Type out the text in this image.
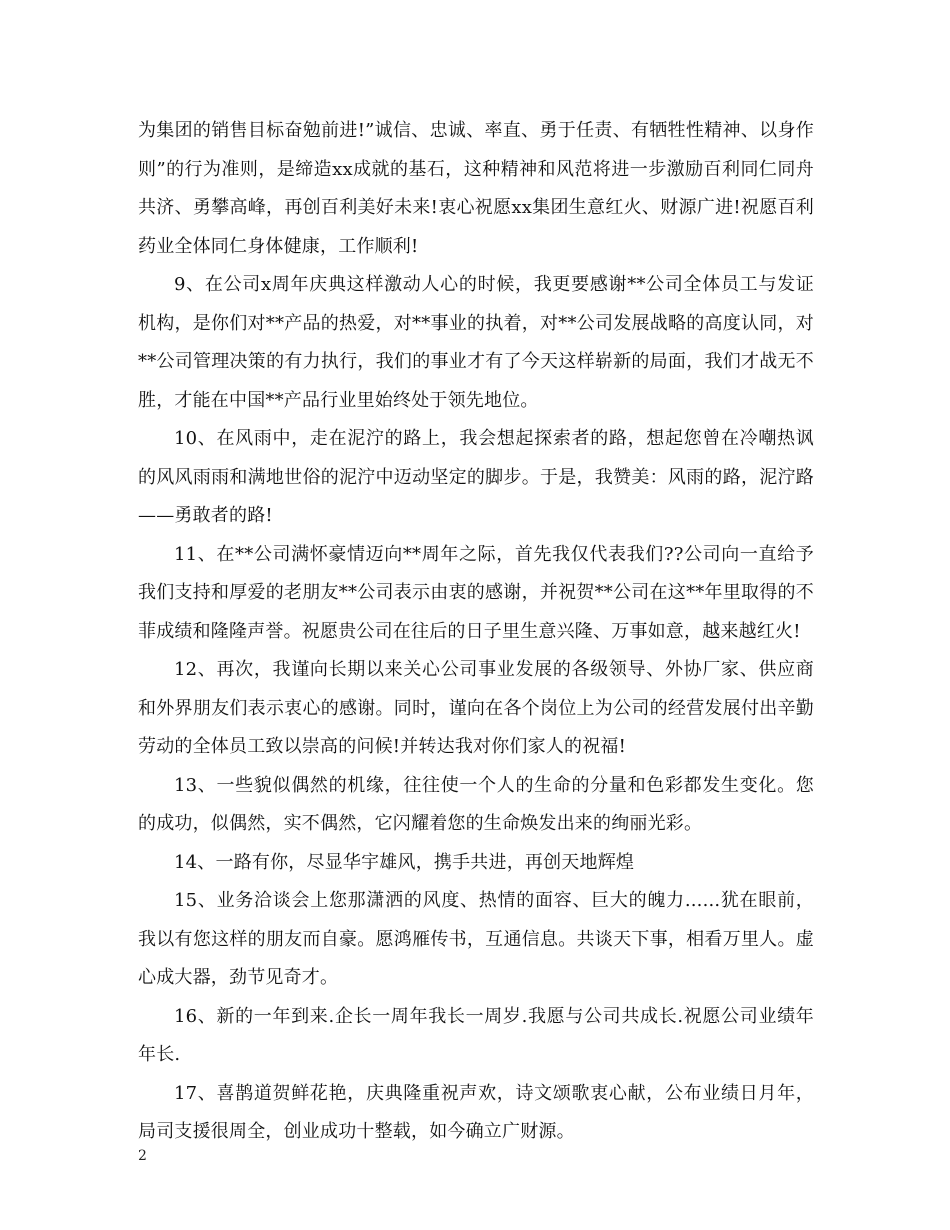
为集团的销售目标奋勉前进!”诚信、忠诚、率直、勇于任责、有牺牲性精神、以身作则”的行为准则，是缔造xx成就的基石，这种精神和风范将进一步激励百利同仁同舟共济、勇攀高峰，再创百利美好未来!衷心祝愿xx集团生意红火、财源广进!祝愿百利药业全体同仁身体健康，工作顺利!

9、在公司x周年庆典这样激动人心的时候，我更要感谢**公司全体员工与发证机构，是你们对**产品的热爱，对**事业的执着，对**公司发展战略的高度认同，对**公司管理决策的有力执行，我们的事业才有了今天这样崭新的局面，我们才战无不胜，才能在中国**产品行业里始终处于领先地位。

10、在风雨中，走在泥泞的路上，我会想起探索者的路，想起您曾在冷嘲热讽的风风雨雨和满地世俗的泥泞中迈动坚定的脚步。于是，我赞美：风雨的路，泥泞路——勇敢者的路!

11、在**公司满怀豪情迈向**周年之际，首先我仅代表我们??公司向一直给予我们支持和厚爱的老朋友**公司表示由衷的感谢，并祝贺**公司在这**年里取得的不菲成绩和隆隆声誉。祝愿贵公司在往后的日子里生意兴隆、万事如意，越来越红火!

12、再次，我谨向长期以来关心公司事业发展的各级领导、外协厂家、供应商和外界朋友们表示衷心的感谢。同时，谨向在各个岗位上为公司的经营发展付出辛勤劳动的全体员工致以崇高的问候!并转达我对你们家人的祝福!

13、一些貌似偶然的机缘，往往使一个人的生命的分量和色彩都发生变化。您的成功，似偶然，实不偶然，它闪耀着您的生命焕发出来的绚丽光彩。

14、一路有你，尽显华宇雄风，携手共进，再创天地辉煌

15、业务洽谈会上您那潇洒的风度、热情的面容、巨大的魄力......犹在眼前，我以有您这样的朋友而自豪。愿鸿雁传书，互通信息。共谈天下事，相看万里人。虚心成大器，劲节见奇才。

16、新的一年到来.企长一周年我长一周岁.我愿与公司共成长.祝愿公司业绩年年长.

17、喜鹊道贺鲜花艳，庆典隆重祝声欢，诗文颂歌衷心献，公布业绩日月年，局司支援很周全，创业成功十整载，如今确立广财源。

2
